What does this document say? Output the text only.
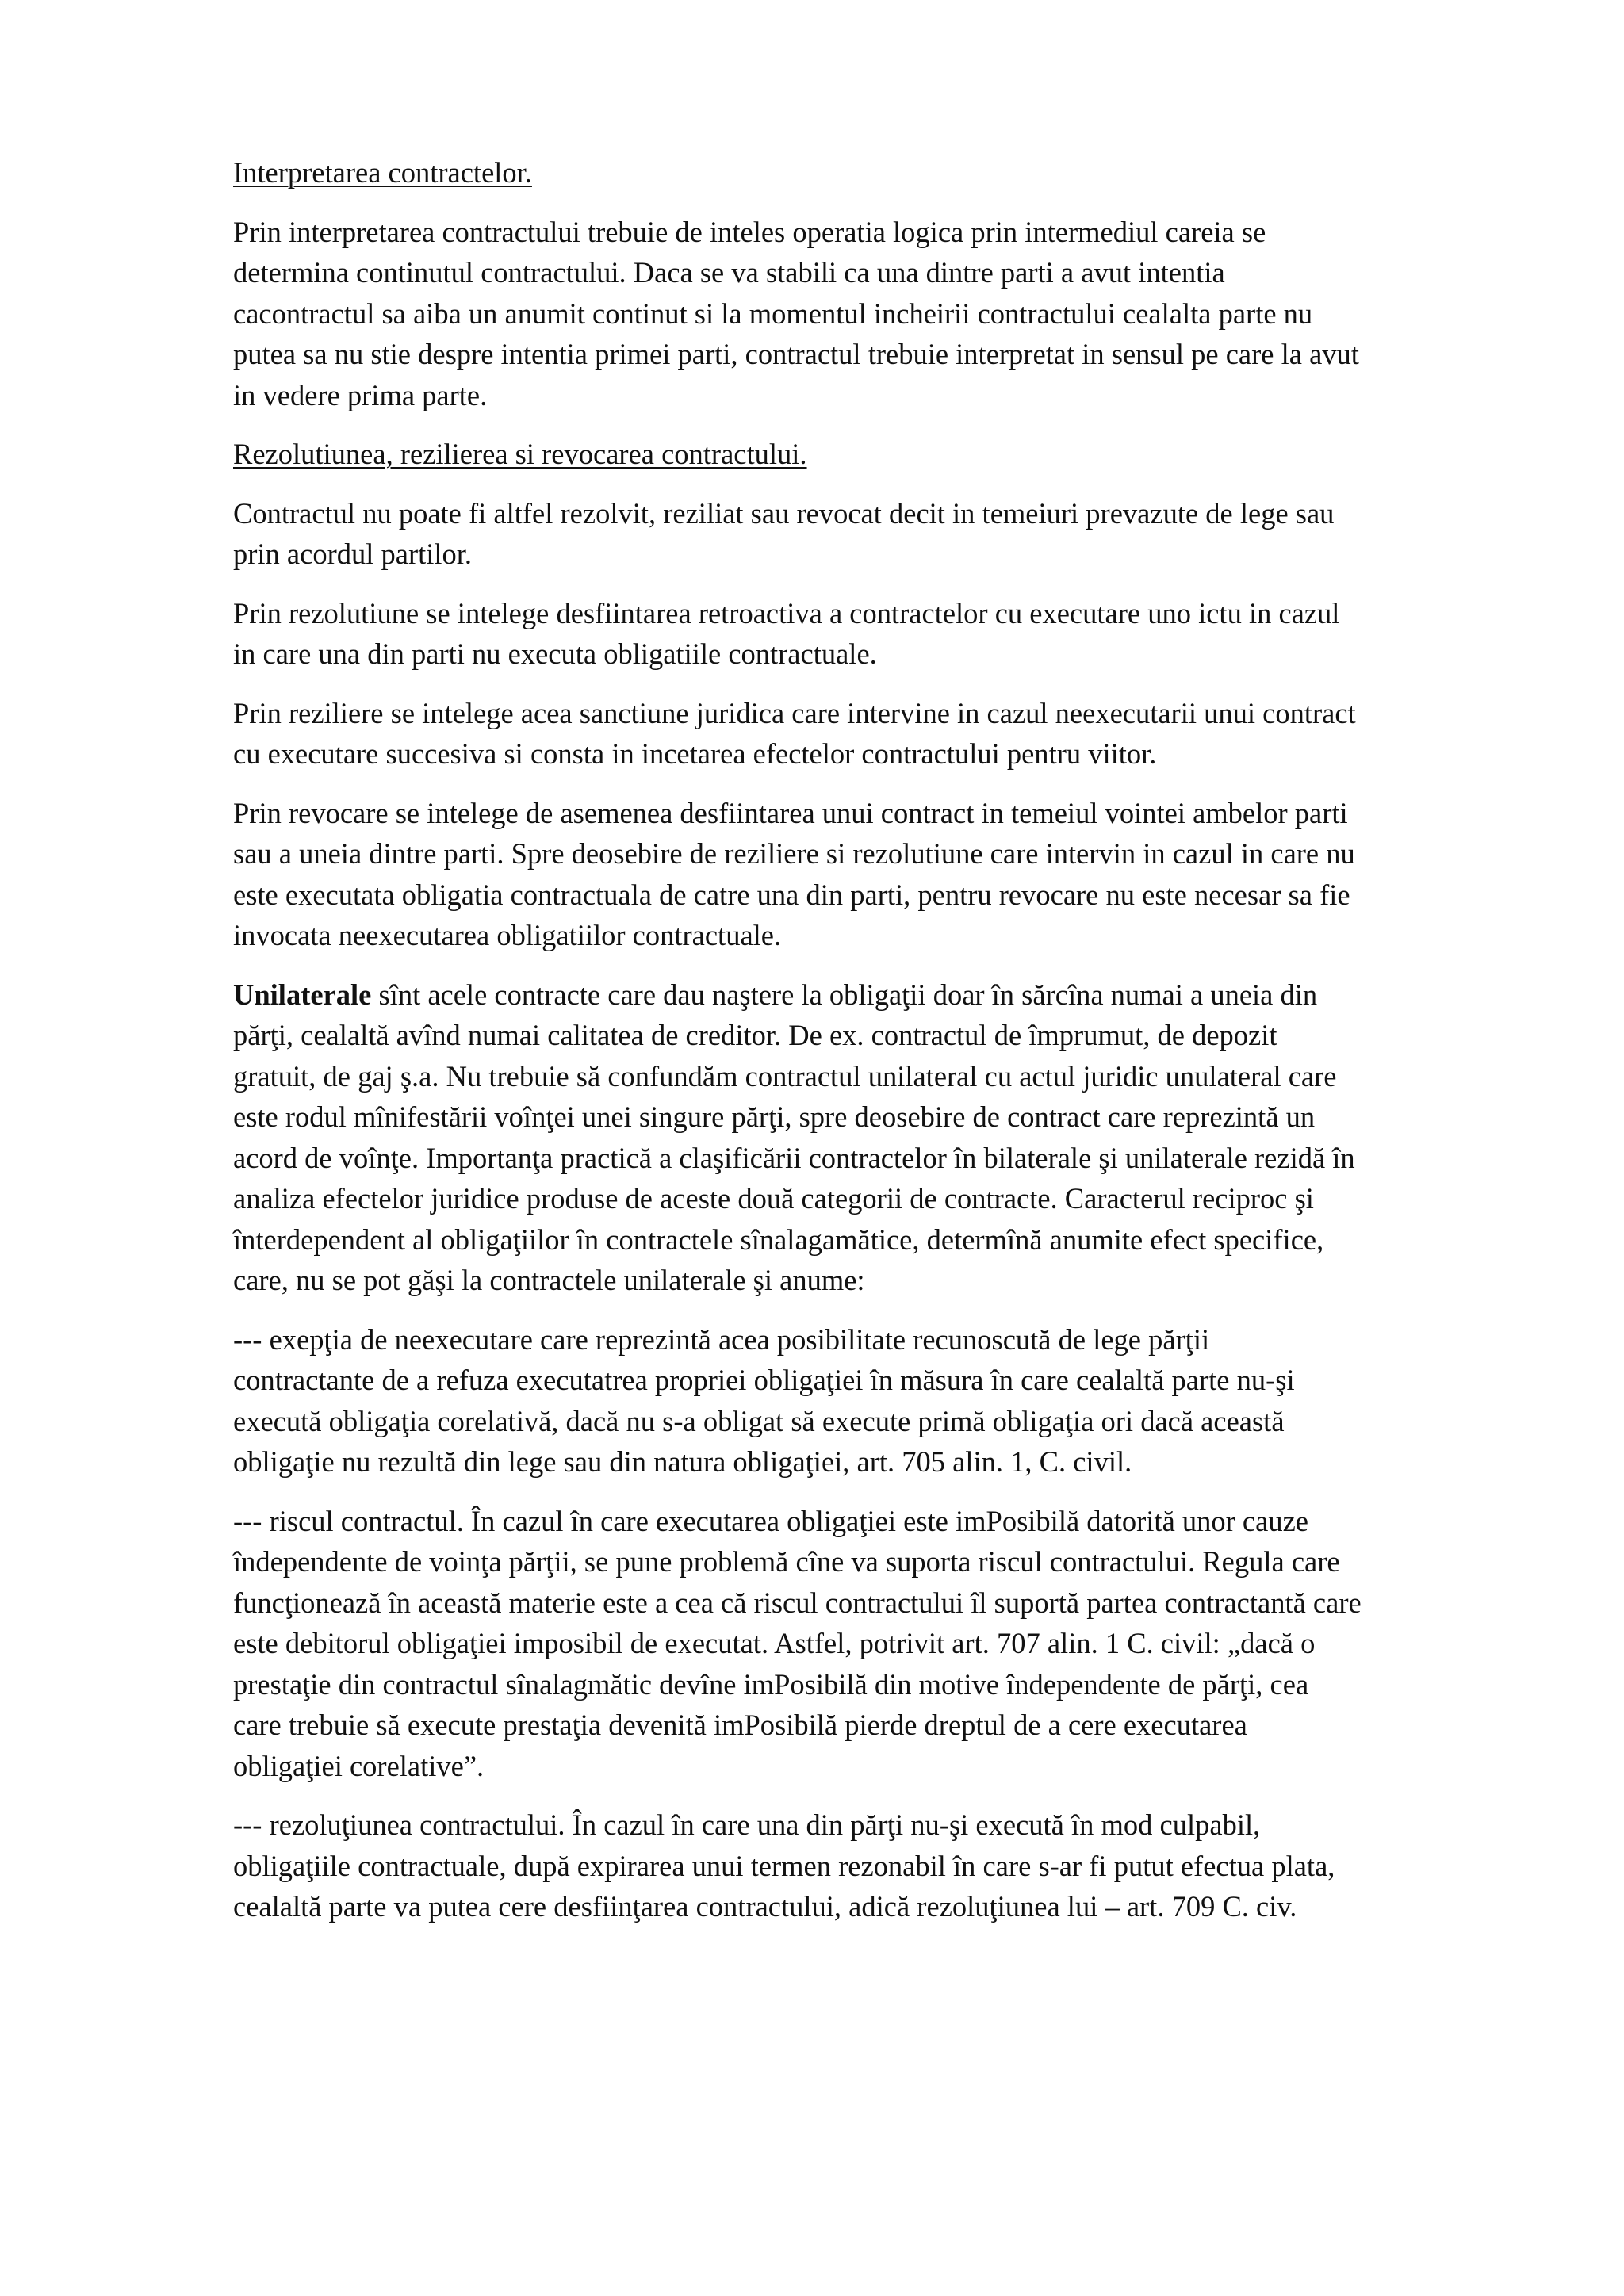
Interpretarea contractelor.
Prin interpretarea contractului trebuie de inteles operatia logica prin intermediul careia se
determina continutul contractului. Daca se va stabili ca una dintre parti a avut intentia
cacontractul sa aiba un anumit continut si la momentul incheirii contractului cealalta parte nu
putea sa nu stie despre intentia primei parti, contractul trebuie interpretat in sensul pe care la avut
in vedere prima parte.
Rezolutiunea, rezilierea si revocarea contractului.
Contractul nu poate fi altfel rezolvit, reziliat sau revocat decit in temeiuri prevazute de lege sau
prin acordul partilor.
Prin rezolutiune se intelege desfiintarea retroactiva a contractelor cu executare uno ictu in cazul
in care una din parti nu executa obligatiile contractuale.
Prin reziliere se intelege acea sanctiune juridica care intervine in cazul neexecutarii unui contract
cu executare succesiva si consta in incetarea efectelor contractului pentru viitor.
Prin revocare se intelege de asemenea desfiintarea unui contract in temeiul vointei ambelor parti
sau a uneia dintre parti. Spre deosebire de reziliere si rezolutiune care intervin in cazul in care nu
este executata obligatia contractuala de catre una din parti, pentru revocare nu este necesar sa fie
invocata neexecutarea obligatiilor contractuale.
Unilaterale sînt acele contracte care dau naştere la obligaţii doar în sărcîna numai a uneia din
părţi, cealaltă avînd numai calitatea de creditor. De ex. contractul de împrumut, de depozit
gratuit, de gaj ş.a. Nu trebuie să confundăm contractul unilateral cu actul juridic unulateral care
este rodul mînifestării voînţei unei singure părţi, spre deosebire de contract care reprezintă un
acord de voînţe. Importanţa practică a claşificării contractelor în bilaterale şi unilaterale rezidă în
analiza efectelor juridice produse de aceste două categorii de contracte. Caracterul reciproc şi
înterdependent al obligaţiilor în contractele sînalagamătice, determînă anumite efect specifice,
care, nu se pot găşi la contractele unilaterale şi anume:
--- exepţia de neexecutare care reprezintă acea posibilitate recunoscută de lege părţii
contractante de a refuza executatrea propriei obligaţiei în măsura în care cealaltă parte nu-şi
execută obligaţia corelativă, dacă nu s-a obligat să execute primă obligaţia ori dacă această
obligaţie nu rezultă din lege sau din natura obligaţiei, art. 705 alin. 1, C. civil.
--- riscul contractul. În cazul în care executarea obligaţiei este imPosibilă datorită unor cauze
îndependente de voinţa părţii, se pune problemă cîne va suporta riscul contractului. Regula care
funcţionează în această materie este a cea că riscul contractului îl suportă partea contractantă care
este debitorul obligaţiei imposibil de executat. Astfel, potrivit art. 707 alin. 1 C. civil: „dacă o
prestaţie din contractul sînalagmătic devîne imPosibilă din motive îndependente de părţi, cea
care trebuie să execute prestaţia devenită imPosibilă pierde dreptul de a cere executarea
obligaţiei corelative”.
--- rezoluţiunea contractului. În cazul în care una din părţi nu-şi execută în mod culpabil,
obligaţiile contractuale, după expirarea unui termen rezonabil în care s-ar fi putut efectua plata,
cealaltă parte va putea cere desfiinţarea contractului, adică rezoluţiunea lui – art. 709 C. civ.
